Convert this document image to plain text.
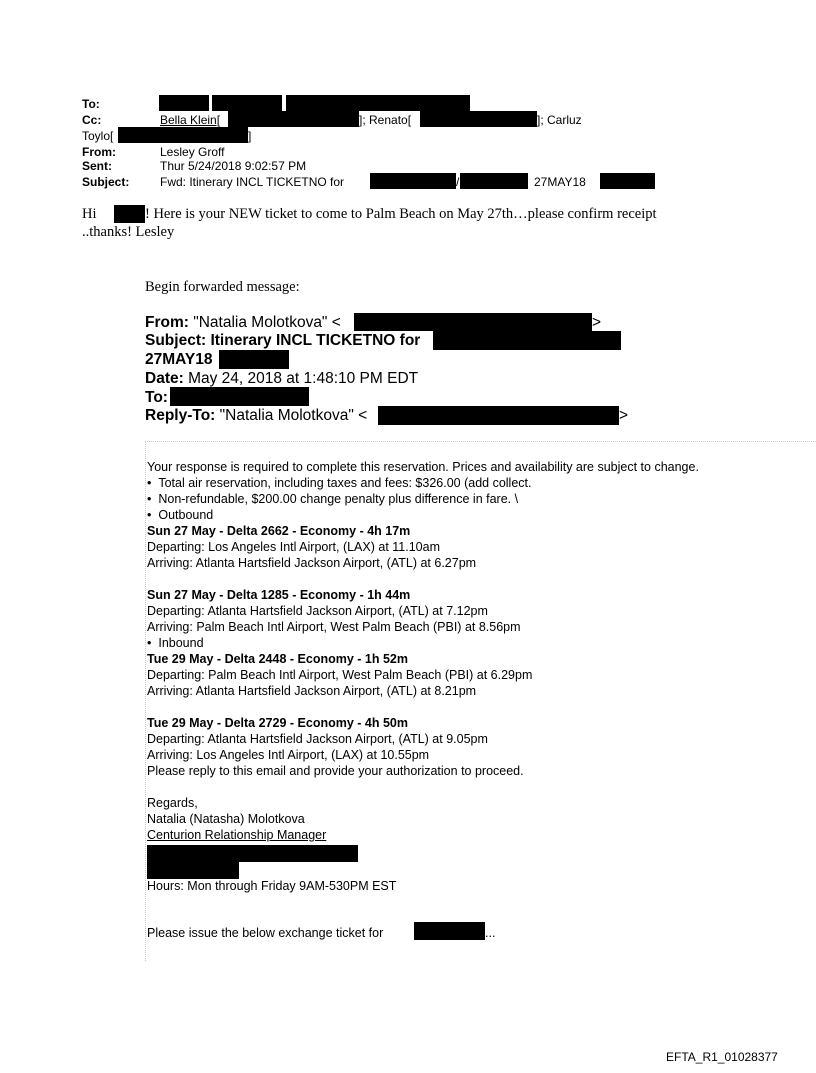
To:
Cc:	Bella Klein[	]; Renato[	]; Carluz
Toylo[	]
From:	Lesley Groff
Sent:	Thur 5/24/2018 9:02:57 PM
Subject:	Fwd: Itinerary INCL TICKETNO for	/	27MAY18
Hi	! Here is your NEW ticket to come to Palm Beach on May 27th…please confirm receipt
..thanks! Lesley
Begin forwarded message:
From: "Natalia Molotkova" <	>
Subject: Itinerary INCL TICKETNO for
27MAY18
Date: May 24, 2018 at 1:48:10 PM EDT
To:
Reply-To: "Natalia Molotkova" <	>
Your response is required to complete this reservation. Prices and availability are subject to change.
• Total air reservation, including taxes and fees: $326.00 (add collect.
• Non-refundable, $200.00 change penalty plus difference in fare. \
• Outbound
Sun 27 May - Delta 2662 - Economy - 4h 17m
Departing: Los Angeles Intl Airport, (LAX) at 11.10am
Arriving: Atlanta Hartsfield Jackson Airport, (ATL) at 6.27pm
Sun 27 May - Delta 1285 - Economy - 1h 44m
Departing: Atlanta Hartsfield Jackson Airport, (ATL) at 7.12pm
Arriving: Palm Beach Intl Airport, West Palm Beach (PBI) at 8.56pm
• Inbound
Tue 29 May - Delta 2448 - Economy - 1h 52m
Departing: Palm Beach Intl Airport, West Palm Beach (PBI) at 6.29pm
Arriving: Atlanta Hartsfield Jackson Airport, (ATL) at 8.21pm
Tue 29 May - Delta 2729 - Economy - 4h 50m
Departing: Atlanta Hartsfield Jackson Airport, (ATL) at 9.05pm
Arriving: Los Angeles Intl Airport, (LAX) at 10.55pm
Please reply to this email and provide your authorization to proceed.
Regards,
Natalia (Natasha) Molotkova
Centurion Relationship Manager
Hours: Mon through Friday 9AM-530PM EST
Please issue the below exchange ticket for	...
EFTA_R1_01028377
